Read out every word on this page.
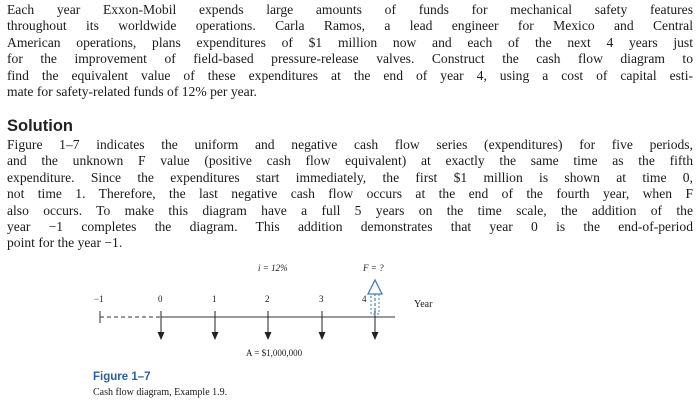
Each year Exxon-Mobil expends large amounts of funds for mechanical safety features
throughout its worldwide operations. Carla Ramos, a lead engineer for Mexico and Central
American operations, plans expenditures of $1 million now and each of the next 4 years just
for the improvement of field-based pressure-release valves. Construct the cash flow diagram to
find the equivalent value of these expenditures at the end of year 4, using a cost of capital esti-
mate for safety-related funds of 12% per year.
Solution
Figure 1–7 indicates the uniform and negative cash flow series (expenditures) for five periods,
and the unknown F value (positive cash flow equivalent) at exactly the same time as the fifth
expenditure. Since the expenditures start immediately, the first $1 million is shown at time 0,
not time 1. Therefore, the last negative cash flow occurs at the end of the fourth year, when F
also occurs. To make this diagram have a full 5 years on the time scale, the addition of the
year −1 completes the diagram. This addition demonstrates that year 0 is the end-of-period
point for the year −1.
i = 12%	F = ?
A = $1,000,000
Year
−1	0	1	2	3	4
Figure 1–7
Cash flow diagram, Example 1.9.
